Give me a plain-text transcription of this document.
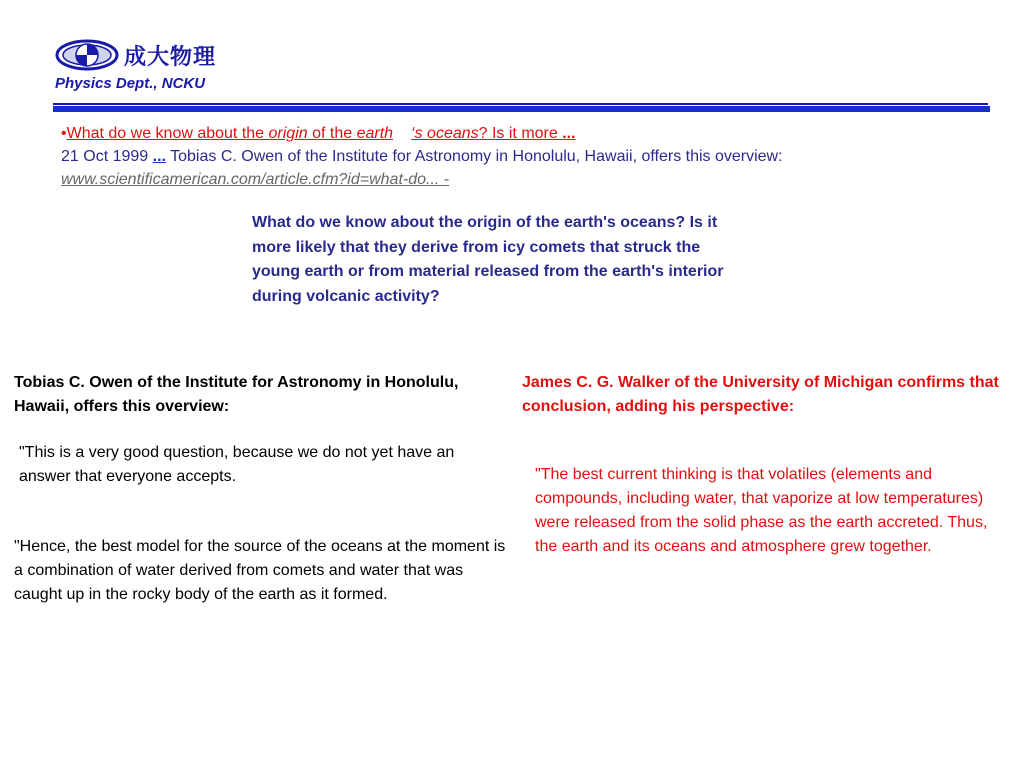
成大物理
Physics Dept., NCKU
•What do we know about the origin of the earth ‘s oceans? Is it more ...
21 Oct 1999 ... Tobias C. Owen of the Institute for Astronomy in Honolulu, Hawaii, offers this overview:
www.scientificamerican.com/article.cfm?id=what-do... -
What do we know about the origin of the earth's oceans? Is it more likely that they derive from icy comets that struck the young earth or from material released from the earth's interior during volcanic activity?
Tobias C. Owen of the Institute for Astronomy in Honolulu, Hawaii, offers this overview:
"This is a very good question, because we do not yet have an answer that everyone accepts.
"Hence, the best model for the source of the oceans at the moment is a combination of water derived from comets and water that was caught up in the rocky body of the earth as it formed.
James C. G. Walker of the University of Michigan confirms that conclusion, adding his perspective:
"The best current thinking is that volatiles (elements and compounds, including water, that vaporize at low temperatures) were released from the solid phase as the earth accreted. Thus, the earth and its oceans and atmosphere grew together.
